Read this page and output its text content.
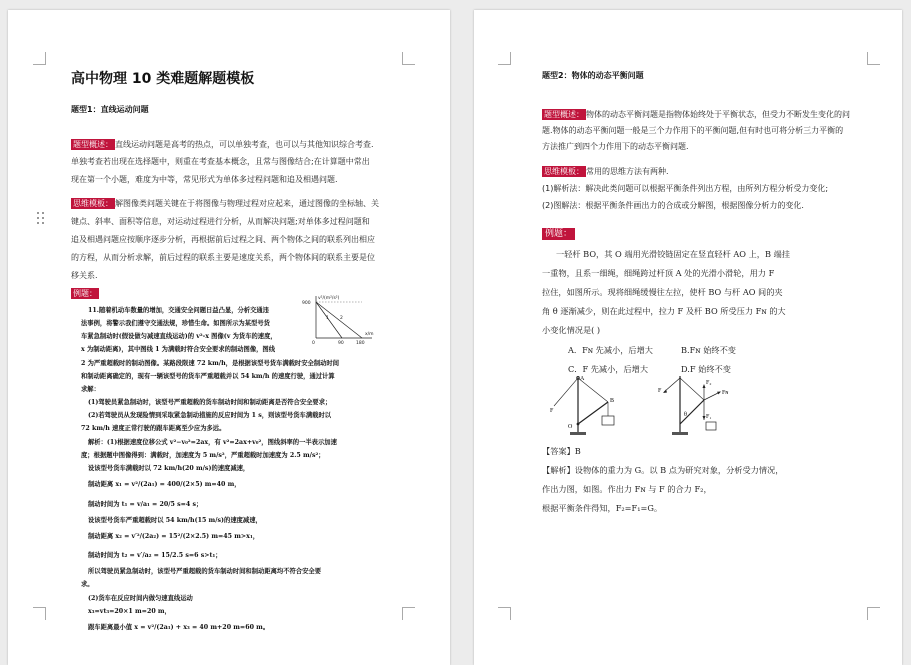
高中物理 10 类难题解题模板
题型1：直线运动问题
题型概述： 直线运动问题是高考的热点，可以单独考查，也可以与其他知识综合考查.
单独考查若出现在选择题中，则重在考查基本概念，且常与图像结合;在计算题中常出
现在第一个小题，难度为中等，常见形式为单体多过程问题和追及相遇问题.
思维模板： 解图像类问题关键在于将图像与物理过程对应起来，通过图像的坐标轴、关
键点、斜率、面积等信息，对运动过程进行分析，从而解决问题;对单体多过程问题和
追及相遇问题应按顺序逐步分析，再根据前后过程之间、两个物体之间的联系列出相应
的方程，从而分析求解，前后过程的联系主要是速度关系，两个物体间的联系主要是位
移关系.
例题：
v²/(m²/s²)
900
0	90	180
x/m
1 2
11.随着机动车数量的增加，交通安全问题日益凸显，分析交通违
法事例，将警示我们遵守交通法规，珍惜生命。如图所示为某型号货
车紧急制动时(假设做匀减速直线运动)的 v²-x 图像(v 为货车的速度，
x 为制动距离)，其中图线 1 为满载时符合安全要求的制动图像，图线
2 为严重超载时的制动图像。某路段限速 72 km/h，是根据该型号货车满载时安全制动时间
和制动距离确定的，现有一辆该型号的货车严重超载并以 54 km/h 的速度行驶，通过计算
求解：
(1)驾驶员紧急制动时，该型号严重超载的货车制动时间和制动距离是否符合安全要求；
(2)若驾驶员从发现险情到采取紧急制动措施的反应时间为 1 s，则该型号货车满载时以
72 km/h 速度正常行驶的跟车距离至少应为多远。
解析：(1)根据速度位移公式 v²−v₀²=2ax，有 v²=2ax+v₀²，图线斜率的一半表示加速
度；根据题中图像得到：满载时，加速度为 5 m/s²，严重超载时加速度为 2.5 m/s²；
设该型号货车满载时以 72 km/h(20 m/s)的速度减速，
制动距离 x₁ = v²/(2a₁) = 400/(2×5) m=40 m，
制动时间为 t₁ = v/a₁ = 20/5 s=4 s；
设该型号货车严重超载时以 54 km/h(15 m/s)的速度减速，
制动距离 x₂ = v′²/(2a₂) = 15²/(2×2.5) m=45 m>x₁，
制动时间为 t₂ = v′/a₂ = 15/2.5 s=6 s>t₁；
所以驾驶员紧急制动时，该型号严重超载的货车制动时间和制动距离均不符合安全要
求。
(2)货车在反应时间内做匀速直线运动
x₃=vt₃=20×1 m=20 m，
跟车距离最小值 x = v²/(2a₁) + x₃ = 40 m+20 m=60 m。
题型2：物体的动态平衡问题
题型概述： 物体的动态平衡问题是指物体始终处于平衡状态，但受力不断发生变化的问
题.物体的动态平衡问题一般是三个力作用下的平衡问题,但有时也可将分析三力平衡的
方法推广到四个力作用下的动态平衡问题.
思维模板： 常用的思维方法有两种.
(1)解析法：解决此类问题可以根据平衡条件列出方程，由所列方程分析受力变化;
(2)图解法：根据平衡条件画出力的合成或分解图，根据图像分析力的变化.
例题：
一轻杆 BO，其 O 端用光滑铰链固定在竖直轻杆 AO 上，B 端挂
一重物，且系一细绳，细绳跨过杆顶 A 处的光滑小滑轮，用力 F
拉住，如图所示。现将细绳缓慢往左拉，使杆 BO 与杆 AO 间的夹
角 θ 逐渐减少，则在此过程中，拉力 F 及杆 BO 所受压力 Fɴ 的大
小变化情况是( )
A．Fɴ 先减小，后增大	B.Fɴ 始终不变
C．F 先减小，后增大	D.F 始终不变
A
B
O
F
F₂
Fɴ
F₁
θ
F
【答案】B
【解析】设物体的重力为 G。以 B 点为研究对象，分析受力情况，
作出力图，如图。作出力 Fɴ 与 F 的合力 F₂，
根据平衡条件得知，F₂=F₁=G。
